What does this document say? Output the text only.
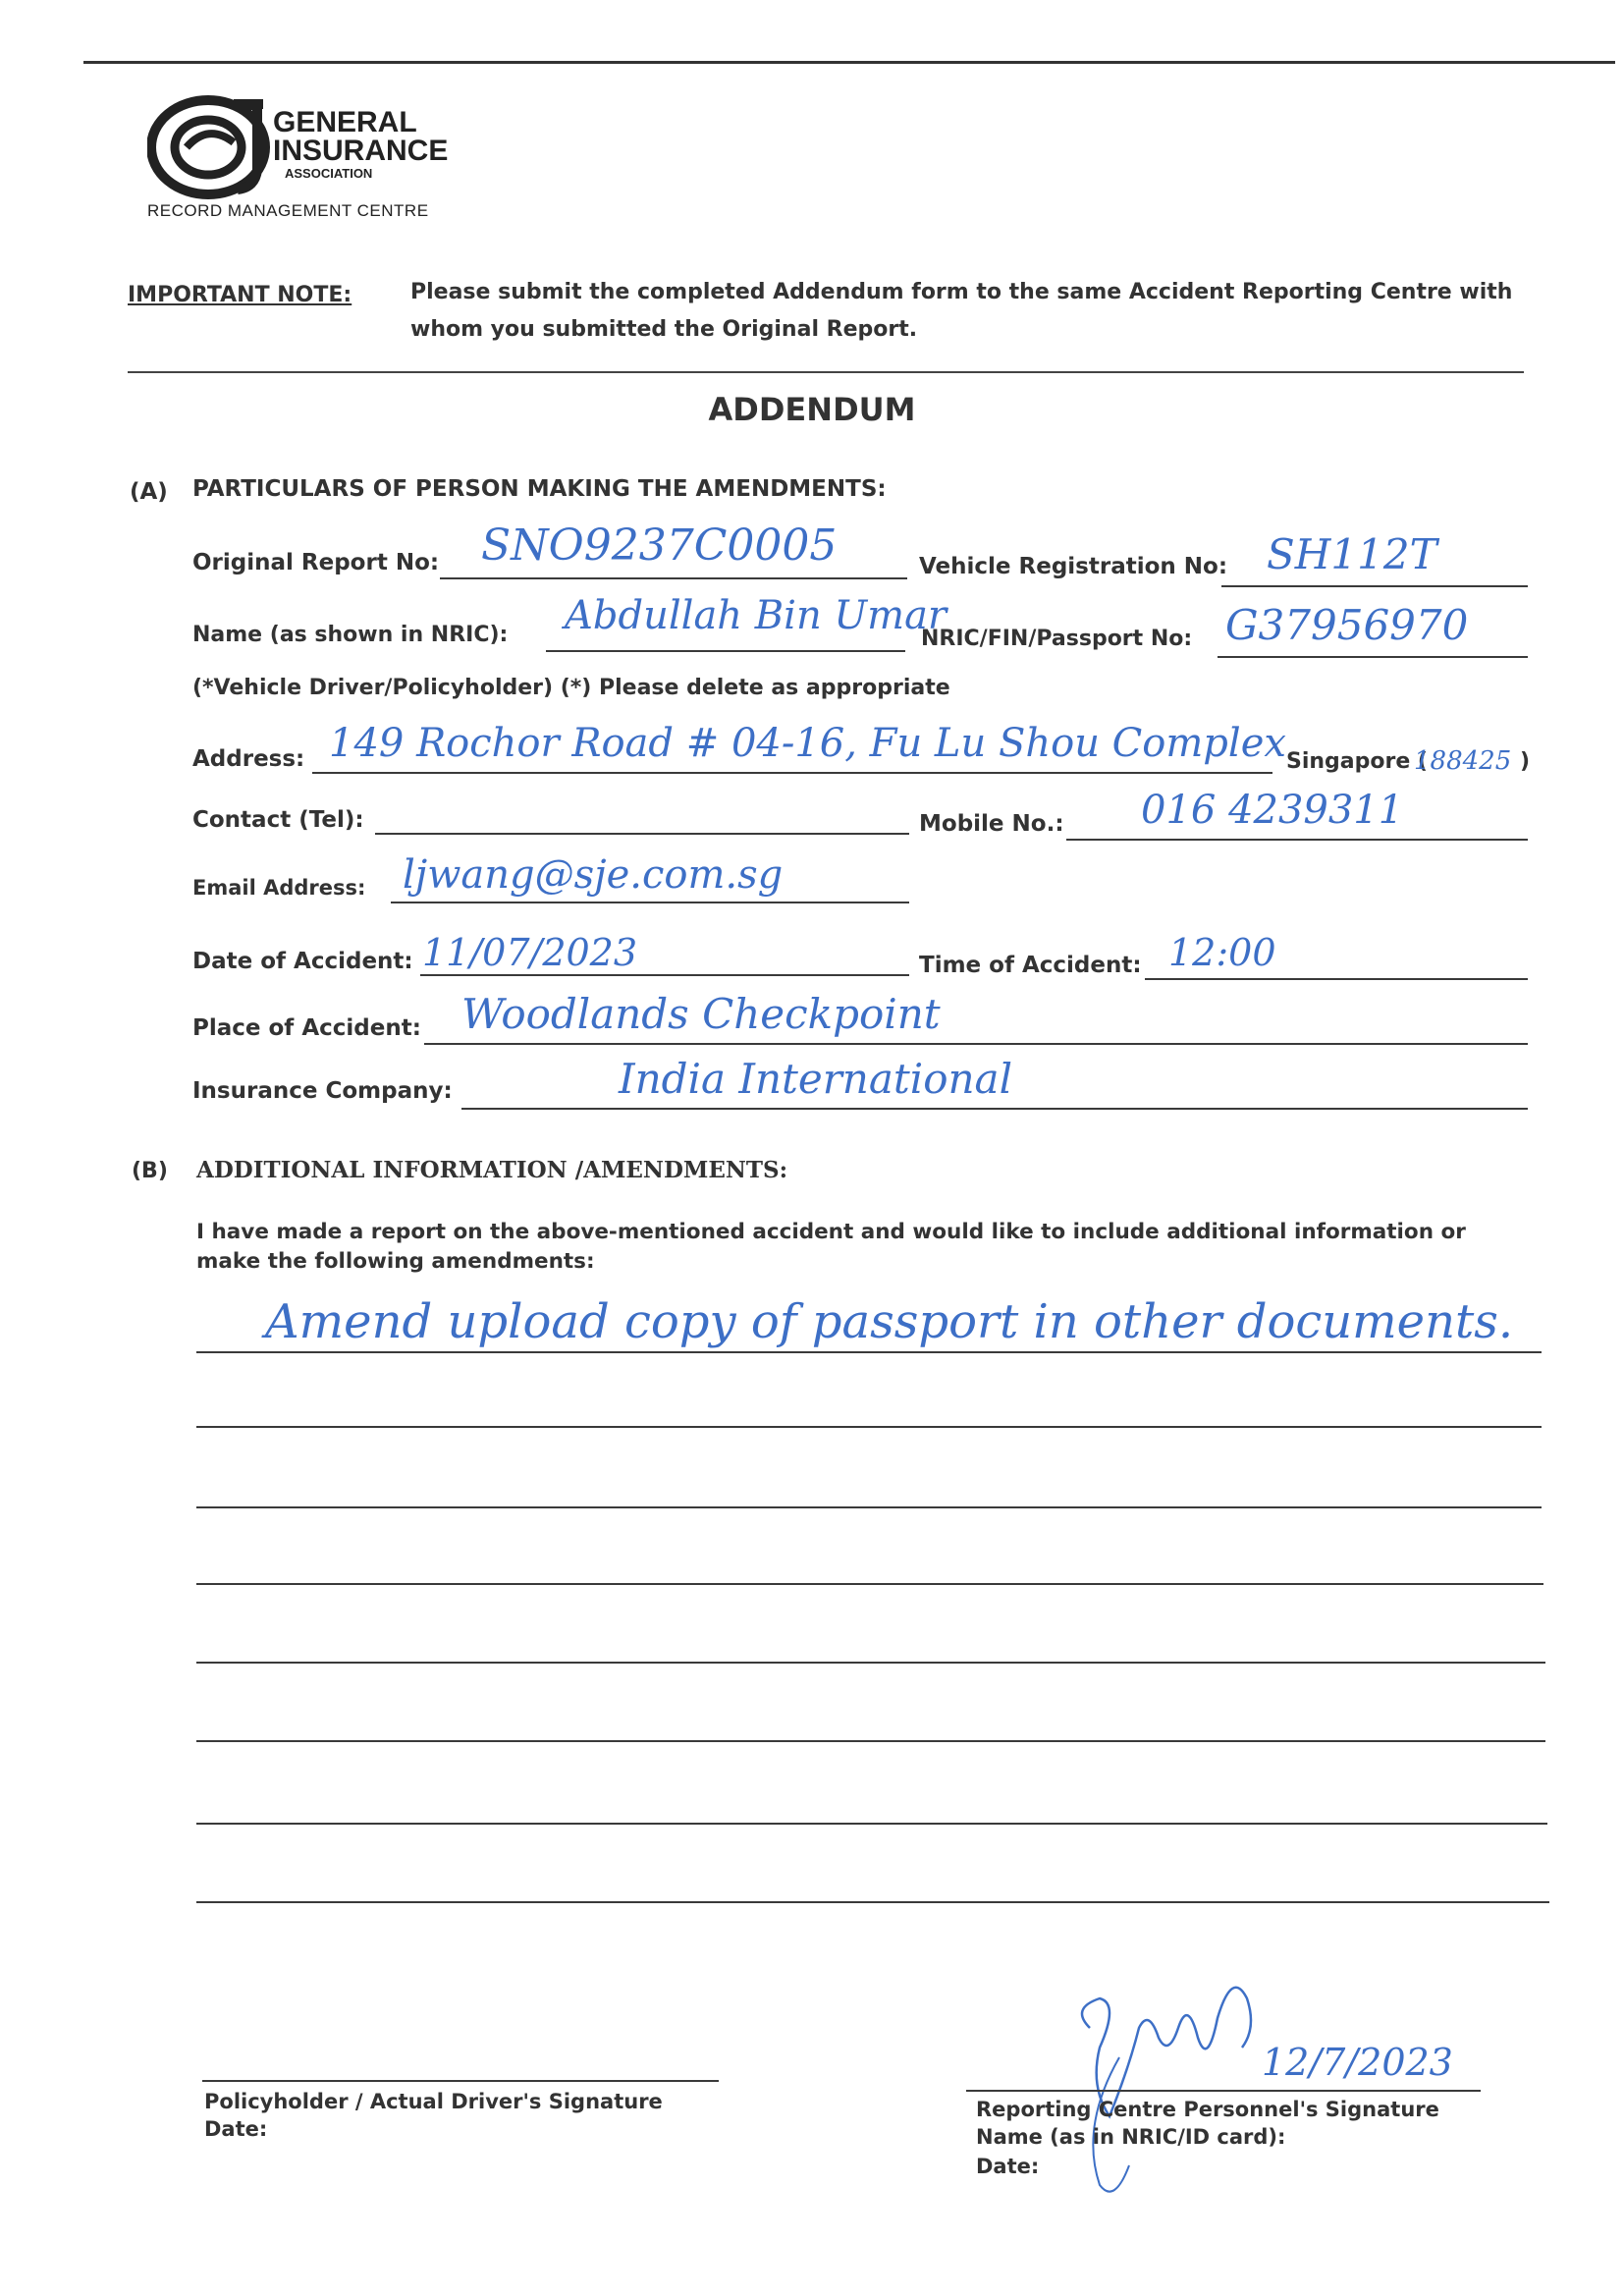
GENERAL
INSURANCE
ASSOCIATION
RECORD MANAGEMENT CENTRE
IMPORTANT NOTE:	Please submit the completed Addendum form to the same Accident Reporting Centre with
whom you submitted the Original Report.
ADDENDUM
(A) PARTICULARS OF PERSON MAKING THE AMENDMENTS:
Original Report No: SNO9237C0005	Vehicle Registration No: SH112T
Name (as shown in NRIC): Abdullah Bin Umar
NRIC/FIN/Passport No: G37956970
(*Vehicle Driver/Policyholder) (*) Please delete as appropriate
Address: 149 Rochor Road # 04-16, Fu Lu Shou Complex Singapore (
188425 )
Contact (Tel):	Mobile No.: 016 4239311
Email Address: ljwang@sje.com.sg
Date of Accident: 11/07/2023	Time of Accident: 12:00
Place of Accident: Woodlands Checkpoint
Insurance Company:	India International
(B) ADDITIONAL INFORMATION /AMENDMENTS:
I have made a report on the above-mentioned accident and would like to include additional information or
make the following amendments:
Amend upload copy of passport in other documents.
Policyholder / Actual Driver's Signature
Date:
12/7/2023
Reporting Centre Personnel's Signature
Name (as in NRIC/ID card):
Date:
